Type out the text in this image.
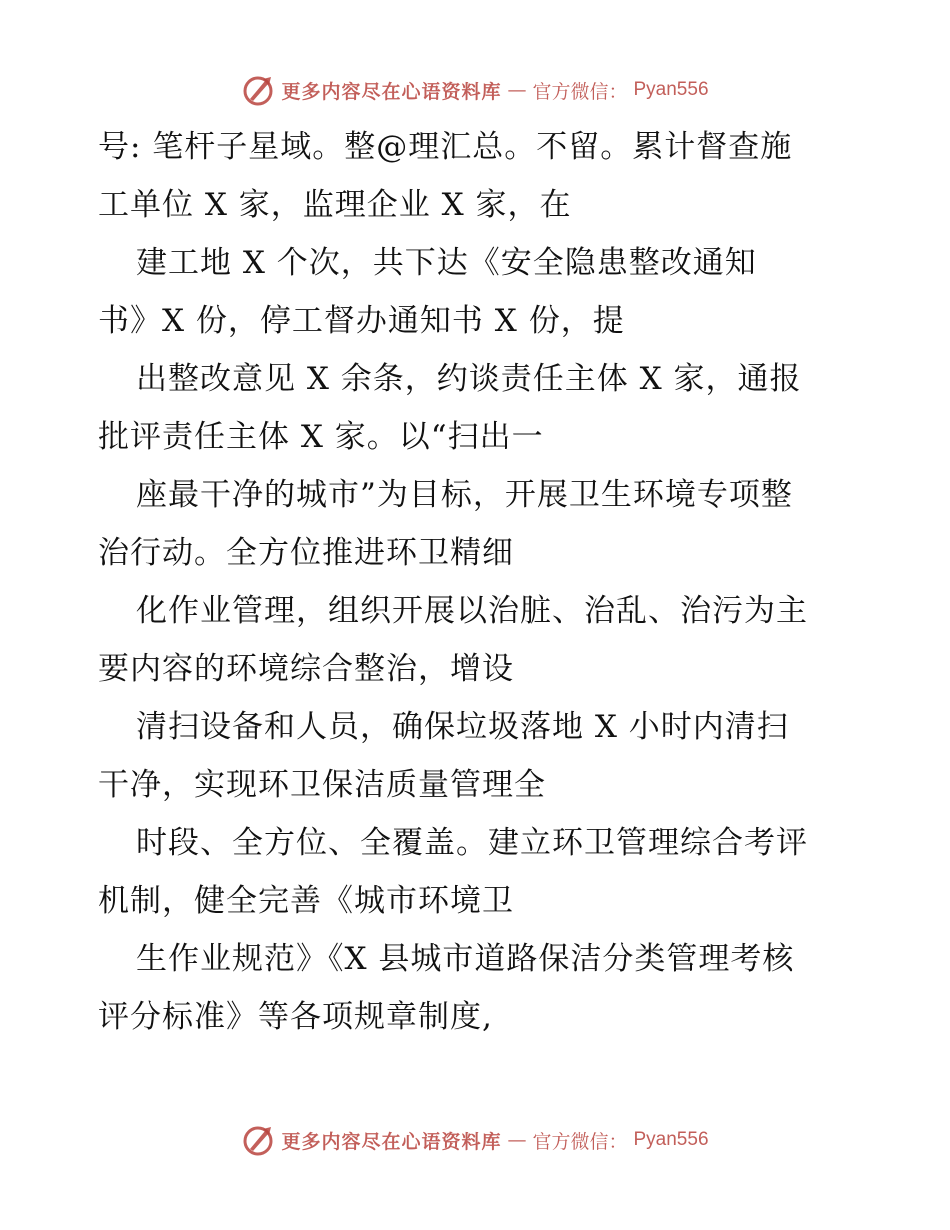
更多内容尽在心语资料库 — 官方微信： Pyan556
号: 笔杆子星域。整@理汇总。不留。累计督查施
工单位 X 家，监理企业 X 家，在
建工地 X 个次，共下达《安全隐患整改通知
书》X 份，停工督办通知书 X 份，提
出整改意见 X 余条，约谈责任主体 X 家，通报
批评责任主体 X 家。以“扫出一
座最干净的城市”为目标，开展卫生环境专项整
治行动。全方位推进环卫精细
化作业管理，组织开展以治脏、治乱、治污为主
要内容的环境综合整治，增设
清扫设备和人员，确保垃圾落地 X 小时内清扫
干净，实现环卫保洁质量管理全
时段、全方位、全覆盖。建立环卫管理综合考评
机制，健全完善《城市环境卫
生作业规范》《X 县城市道路保洁分类管理考核
评分标准》等各项规章制度,
更多内容尽在心语资料库 — 官方微信： Pyan556
